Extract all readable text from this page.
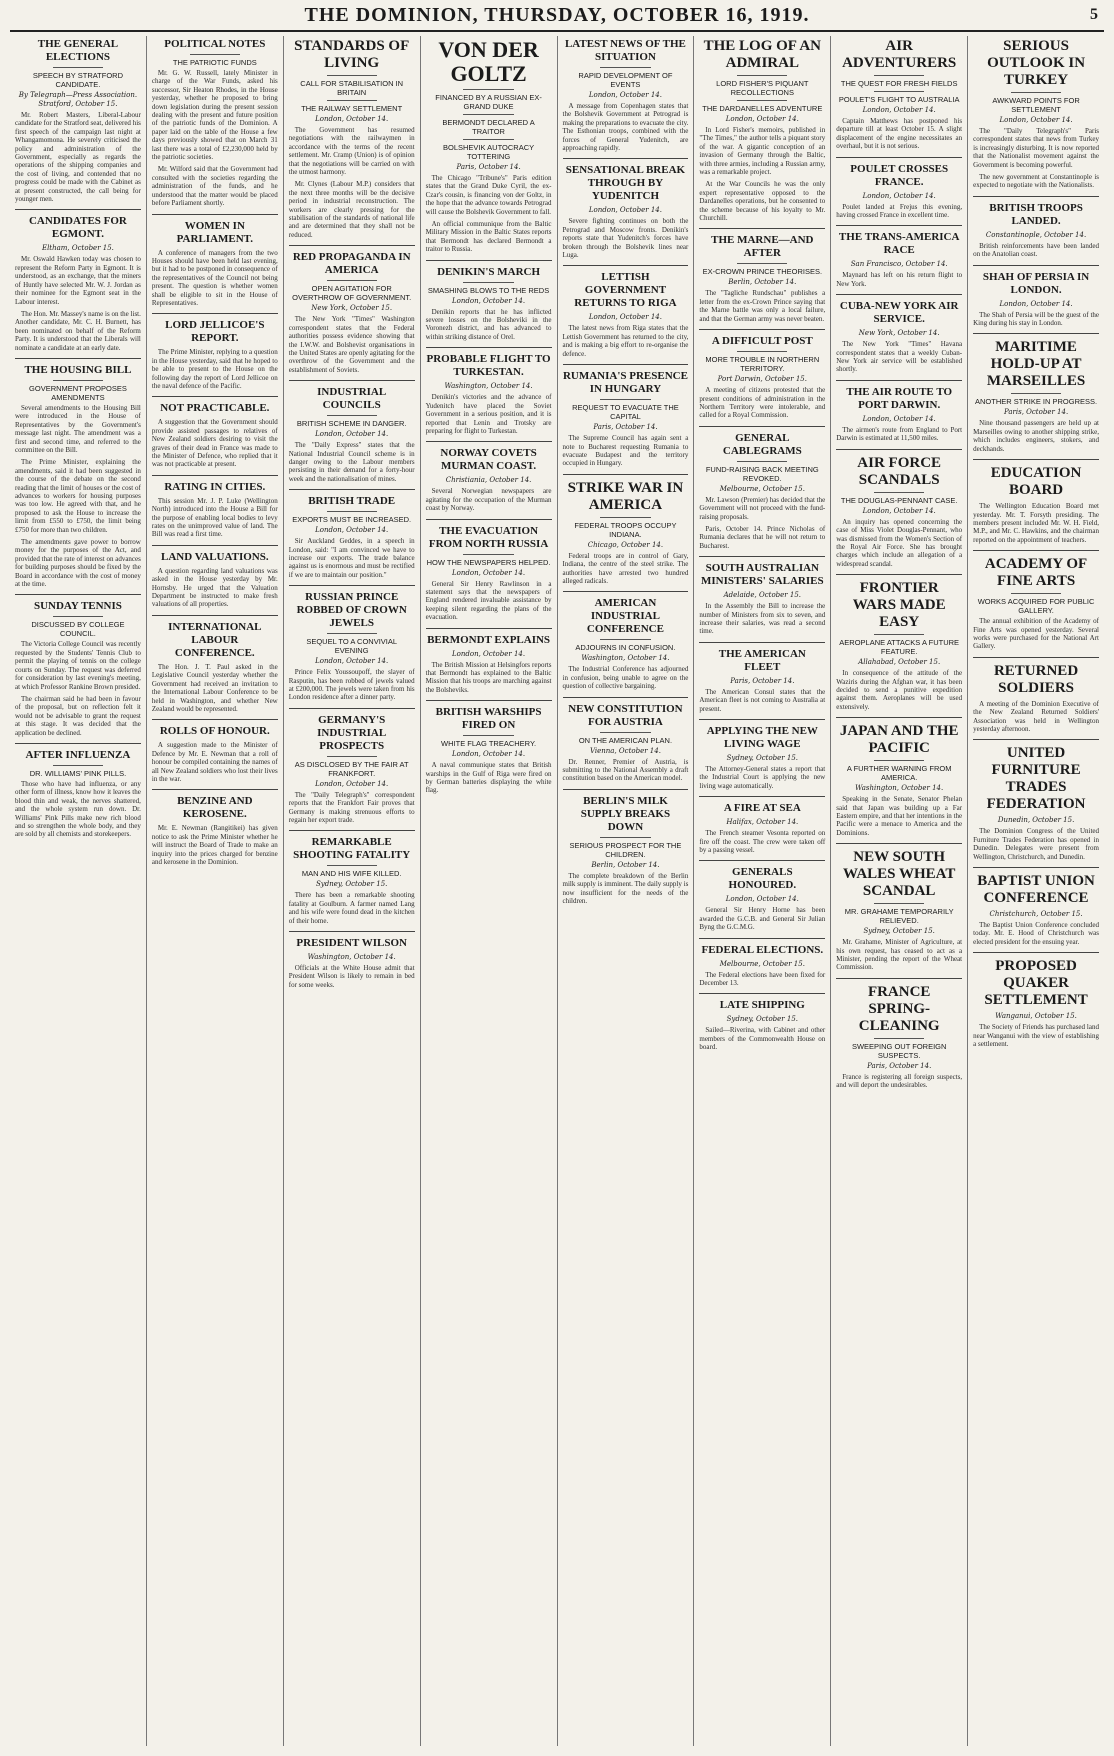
THE DOMINION, THURSDAY, OCTOBER 16, 1919.	5
THE GENERAL ELECTIONS
SPEECH BY STRATFORD CANDIDATE.
By Telegraph—Press Association. Stratford, October 15.

Mr. Robert Masters, Liberal-Labour candidate for the Stratford seat, delivered his first speech of the campaign last night at Whangamomona. He severely criticised the policy and administration of the Government, especially as regards the operations of the shipping companies and the cost of living, and contended that no progress could be made with the Cabinet as at present constructed, the call being for younger men.

CANDIDATES FOR EGMONT.
Eltham, October 15.

Mr. Oswald Hawken today was chosen to represent the Reform Party in Egmont. It is understood, as an exchange, that the miners of Huntly have selected Mr. W. J. Jordan as their nominee for the Egmont seat in the Labour interest.

The Hon. Mr. Massey's name is on the list. Another candidate, Mr. C. H. Burnett, has been nominated on behalf of the Reform Party. It is understood that the Liberals will nominate a candidate at an early date.

THE HOUSING BILL
GOVERNMENT PROPOSES AMENDMENTS

Several amendments to the Housing Bill were introduced in the House of Representatives by the Government's message last night. The amendment was a first and second time, and referred to the committee on the Bill.

The Prime Minister, explaining the amendments, said it had been suggested in the course of the debate on the second reading that the limit of houses or the cost of advances to workers for housing purposes was too low. He agreed with that, and he proposed to ask the House to increase the limit from £550 to £750, the limit being £750 for more than two children.

The amendments gave power to borrow money for the purposes of the Act, and provided that the rate of interest on advances for building purposes should be fixed by the Board in accordance with the cost of money at the time.

SUNDAY TENNIS
DISCUSSED BY COLLEGE COUNCIL.

The Victoria College Council was recently requested by the Students' Tennis Club to permit the playing of tennis on the college courts on Sunday. The request was deferred for consideration by last evening's meeting, at which Professor Rankine Brown presided.

The chairman said he had been in favour of the proposal, but on reflection felt it would not be advisable to grant the request at this stage. It was decided that the application be declined.

AFTER INFLUENZA
DR. WILLIAMS' PINK PILLS.

Those who have had influenza, or any other form of illness, know how it leaves the blood thin and weak, the nerves shattered, and the whole system run down. Dr. Williams' Pink Pills make new rich blood and so strengthen the whole body, and they are sold by all chemists and storekeepers.

POLITICAL NOTES
THE PATRIOTIC FUNDS

Mr. G. W. Russell, lately Minister in charge of the War Funds, asked his successor, Sir Heaton Rhodes, in the House yesterday, whether he proposed to bring down legislation during the present session dealing with the present and future position of the patriotic funds of the Dominion. A paper laid on the table of the House a few days previously showed that on March 31 last there was a total of £2,230,000 held by the patriotic societies.

Mr. Wilford said that the Government had consulted with the societies regarding the administration of the funds, and he understood that the matter would be placed before Parliament shortly.

WOMEN IN PARLIAMENT.

A conference of managers from the two Houses should have been held last evening, but it had to be postponed in consequence of the representatives of the Council not being present. The question is whether women shall be eligible to sit in the House of Representatives.

LORD JELLICOE'S REPORT.

The Prime Minister, replying to a question in the House yesterday, said that he hoped to be able to present to the House on the following day the report of Lord Jellicoe on the naval defence of the Pacific.

NOT PRACTICABLE.

A suggestion that the Government should provide assisted passages to relatives of New Zealand soldiers desiring to visit the graves of their dead in France was made to the Minister of Defence, who replied that it was not practicable at present.

RATING IN CITIES.

This session Mr. J. P. Luke (Wellington North) introduced into the House a Bill for the purpose of enabling local bodies to levy rates on the unimproved value of land. The Bill was read a first time.

LAND VALUATIONS.

A question regarding land valuations was asked in the House yesterday by Mr. Hornsby. He urged that the Valuation Department be instructed to make fresh valuations of all properties.

INTERNATIONAL LABOUR CONFERENCE.

The Hon. J. T. Paul asked in the Legislative Council yesterday whether the Government had received an invitation to the International Labour Conference to be held in Washington, and whether New Zealand would be represented.

ROLLS OF HONOUR.

A suggestion made to the Minister of Defence by Mr. E. Newman that a roll of honour be compiled containing the names of all New Zealand soldiers who lost their lives in the war.

BENZINE AND KEROSENE.

Mr. E. Newman (Rangitikei) has given notice to ask the Prime Minister whether he will instruct the Board of Trade to make an inquiry into the prices charged for benzine and kerosene in the Dominion.

STANDARDS OF LIVING
CALL FOR STABILISATION IN BRITAIN
THE RAILWAY SETTLEMENT
London, October 14.

The Government has resumed negotiations with the railwaymen in accordance with the terms of the recent settlement. Mr. Cramp (Union) is of opinion that the negotiations will be carried on with the utmost harmony.

Mr. Clynes (Labour M.P.) considers that the next three months will be the decisive period in industrial reconstruction. The workers are clearly pressing for the stabilisation of the standards of national life and are determined that they shall not be reduced.

RED PROPAGANDA IN AMERICA
OPEN AGITATION FOR OVERTHROW OF GOVERNMENT.
New York, October 15.

The New York "Times" Washington correspondent states that the Federal authorities possess evidence showing that the I.W.W. and Bolshevist organisations in the United States are openly agitating for the overthrow of the Government and the establishment of Soviets.

INDUSTRIAL COUNCILS
BRITISH SCHEME IN DANGER.
London, October 14.

The "Daily Express" states that the National Industrial Council scheme is in danger owing to the Labour members persisting in their demand for a forty-hour week and the nationalisation of mines.

BRITISH TRADE
EXPORTS MUST BE INCREASED.
London, October 14.

Sir Auckland Geddes, in a speech in London, said: "I am convinced we have to increase our exports. The trade balance against us is enormous and must be rectified if we are to maintain our position."

RUSSIAN PRINCE ROBBED OF CROWN JEWELS
SEQUEL TO A CONVIVIAL EVENING
London, October 14.

Prince Felix Youssoupoff, the slayer of Rasputin, has been robbed of jewels valued at £200,000. The jewels were taken from his London residence after a dinner party.

GERMANY'S INDUSTRIAL PROSPECTS
AS DISCLOSED BY THE FAIR AT FRANKFORT.
London, October 14.

The "Daily Telegraph's" correspondent reports that the Frankfort Fair proves that Germany is making strenuous efforts to regain her export trade.

REMARKABLE SHOOTING FATALITY
MAN AND HIS WIFE KILLED.
Sydney, October 15.

There has been a remarkable shooting fatality at Goulburn. A farmer named Lang and his wife were found dead in the kitchen of their home.

PRESIDENT WILSON
Washington, October 14.

Officials at the White House admit that President Wilson is likely to remain in bed for some weeks.

VON DER GOLTZ
FINANCED BY A RUSSIAN EX-GRAND DUKE
BERMONDT DECLARED A TRAITOR
BOLSHEVIK AUTOCRACY TOTTERING
Paris, October 14.

The Chicago "Tribune's" Paris edition states that the Grand Duke Cyril, the ex-Czar's cousin, is financing von der Goltz, in the hope that the advance towards Petrograd will cause the Bolshevik Government to fall.

An official communique from the Baltic Military Mission in the Baltic States reports that Bermondt has declared Bermondt a traitor to Russia.

DENIKIN'S MARCH
SMASHING BLOWS TO THE REDS
London, October 14.

Denikin reports that he has inflicted severe losses on the Bolsheviki in the Voronezh district, and has advanced to within striking distance of Orel.

PROBABLE FLIGHT TO TURKESTAN.
Washington, October 14.

Denikin's victories and the advance of Yudenitch have placed the Soviet Government in a serious position, and it is reported that Lenin and Trotsky are preparing for flight to Turkestan.

NORWAY COVETS MURMAN COAST.
Christiania, October 14.

Several Norwegian newspapers are agitating for the occupation of the Murman coast by Norway.

THE EVACUATION FROM NORTH RUSSIA
HOW THE NEWSPAPERS HELPED.
London, October 14.

General Sir Henry Rawlinson in a statement says that the newspapers of England rendered invaluable assistance by keeping silent regarding the plans of the evacuation.

BERMONDT EXPLAINS
London, October 14.

The British Mission at Helsingfors reports that Bermondt has explained to the Baltic Mission that his troops are marching against the Bolsheviks.

BRITISH WARSHIPS FIRED ON
WHITE FLAG TREACHERY.
London, October 14.

A naval communique states that British warships in the Gulf of Riga were fired on by German batteries displaying the white flag.

LATEST NEWS OF THE SITUATION
RAPID DEVELOPMENT OF EVENTS
London, October 14.

A message from Copenhagen states that the Bolshevik Government at Petrograd is making the preparations to evacuate the city. The Esthonian troops, combined with the forces of General Yudenitch, are approaching rapidly.

SENSATIONAL BREAK THROUGH BY YUDENITCH
London, October 14.

Severe fighting continues on both the Petrograd and Moscow fronts. Denikin's reports state that Yudenitch's forces have broken through the Bolshevik lines near Luga.

LETTISH GOVERNMENT RETURNS TO RIGA
London, October 14.

The latest news from Riga states that the Lettish Government has returned to the city, and is making a big effort to re-organise the defence.

RUMANIA'S PRESENCE IN HUNGARY
REQUEST TO EVACUATE THE CAPITAL
Paris, October 14.

The Supreme Council has again sent a note to Bucharest requesting Rumania to evacuate Budapest and the territory occupied in Hungary.

STRIKE WAR IN AMERICA
FEDERAL TROOPS OCCUPY INDIANA.
Chicago, October 14.

Federal troops are in control of Gary, Indiana, the centre of the steel strike. The authorities have arrested two hundred alleged radicals.

AMERICAN INDUSTRIAL CONFERENCE
ADJOURNS IN CONFUSION.
Washington, October 14.

The Industrial Conference has adjourned in confusion, being unable to agree on the question of collective bargaining.

NEW CONSTITUTION FOR AUSTRIA
ON THE AMERICAN PLAN.
Vienna, October 14.

Dr. Renner, Premier of Austria, is submitting to the National Assembly a draft constitution based on the American model.

BERLIN'S MILK SUPPLY BREAKS DOWN
SERIOUS PROSPECT FOR THE CHILDREN.
Berlin, October 14.

The complete breakdown of the Berlin milk supply is imminent. The daily supply is now insufficient for the needs of the children.

THE LOG OF AN ADMIRAL
LORD FISHER'S PIQUANT RECOLLECTIONS
THE DARDANELLES ADVENTURE
London, October 14.

In Lord Fisher's memoirs, published in "The Times," the author tells a piquant story of the war. A gigantic conception of an invasion of Germany through the Baltic, with three armies, including a Russian army, was a remarkable project.

At the War Councils he was the only expert representative opposed to the Dardanelles operations, but he consented to the scheme because of his loyalty to Mr. Churchill.

THE MARNE—AND AFTER
EX-CROWN PRINCE THEORISES.
Berlin, October 14.

The "Tagliche Rundschau" publishes a letter from the ex-Crown Prince saying that the Marne battle was only a local failure, and that the German army was never beaten.

A DIFFICULT POST
MORE TROUBLE IN NORTHERN TERRITORY.
Port Darwin, October 15.

A meeting of citizens protested that the present conditions of administration in the Northern Territory were intolerable, and called for a Royal Commission.

GENERAL CABLEGRAMS
FUND-RAISING BACK MEETING REVOKED.
Melbourne, October 15.

Mr. Lawson (Premier) has decided that the Government will not proceed with the fund-raising proposals.

Paris, October 14. Prince Nicholas of Rumania declares that he will not return to Bucharest.

SOUTH AUSTRALIAN MINISTERS' SALARIES
Adelaide, October 15.

In the Assembly the Bill to increase the number of Ministers from six to seven, and increase their salaries, was read a second time.

THE AMERICAN FLEET
Paris, October 14.

The American Consul states that the American fleet is not coming to Australia at present.

APPLYING THE NEW LIVING WAGE
Sydney, October 15.

The Attorney-General states a report that the Industrial Court is applying the new living wage automatically.

A FIRE AT SEA
Halifax, October 14.

The French steamer Vesonta reported on fire off the coast. The crew were taken off by a passing vessel.

GENERALS HONOURED.
London, October 14.

General Sir Henry Horne has been awarded the G.C.B. and General Sir Julian Byng the G.C.M.G.

FEDERAL ELECTIONS.
Melbourne, October 15.

The Federal elections have been fixed for December 13.

LATE SHIPPING
Sydney, October 15.

Sailed—Riverina, with Cabinet and other members of the Commonwealth House on board.

AIR ADVENTURERS
THE QUEST FOR FRESH FIELDS
POULET'S FLIGHT TO AUSTRALIA
London, October 14.

Captain Matthews has postponed his departure till at least October 15. A slight displacement of the engine necessitates an overhaul, but it is not serious.

POULET CROSSES FRANCE.
London, October 14.

Poulet landed at Frejus this evening, having crossed France in excellent time.

THE TRANS-AMERICA RACE
San Francisco, October 14.

Maynard has left on his return flight to New York.

CUBA-NEW YORK AIR SERVICE.
New York, October 14.

The New York "Times" Havana correspondent states that a weekly Cuban-New York air service will be established shortly.

THE AIR ROUTE TO PORT DARWIN.
London, October 14.

The airmen's route from England to Port Darwin is estimated at 11,500 miles.

AIR FORCE SCANDALS
THE DOUGLAS-PENNANT CASE.
London, October 14.

An inquiry has opened concerning the case of Miss Violet Douglas-Pennant, who was dismissed from the Women's Section of the Royal Air Force. She has brought charges which include an allegation of a widespread scandal.

FRONTIER WARS MADE EASY
AEROPLANE ATTACKS A FUTURE FEATURE.
Allahabad, October 15.

In consequence of the attitude of the Waziris during the Afghan war, it has been decided to send a punitive expedition against them. Aeroplanes will be used extensively.

JAPAN AND THE PACIFIC
A FURTHER WARNING FROM AMERICA.
Washington, October 14.

Speaking in the Senate, Senator Phelan said that Japan was building up a Far Eastern empire, and that her intentions in the Pacific were a menace to America and the Dominions.

NEW SOUTH WALES WHEAT SCANDAL
MR. GRAHAME TEMPORARILY RELIEVED.
Sydney, October 15.

Mr. Grahame, Minister of Agriculture, at his own request, has ceased to act as a Minister, pending the report of the Wheat Commission.

FRANCE SPRING-CLEANING
SWEEPING OUT FOREIGN SUSPECTS.
Paris, October 14.

France is registering all foreign suspects, and will deport the undesirables.

SERIOUS OUTLOOK IN TURKEY
AWKWARD POINTS FOR SETTLEMENT
London, October 14.

The "Daily Telegraph's" Paris correspondent states that news from Turkey is increasingly disturbing. It is now reported that the Nationalist movement against the Government is becoming powerful.

The new government at Constantinople is expected to negotiate with the Nationalists.

BRITISH TROOPS LANDED.
Constantinople, October 14.

British reinforcements have been landed on the Anatolian coast.

SHAH OF PERSIA IN LONDON.
London, October 14.

The Shah of Persia will be the guest of the King during his stay in London.

MARITIME HOLD-UP AT MARSEILLES
ANOTHER STRIKE IN PROGRESS.
Paris, October 14.

Nine thousand passengers are held up at Marseilles owing to another shipping strike, which includes engineers, stokers, and deckhands.

EDUCATION BOARD

The Wellington Education Board met yesterday. Mr. T. Forsyth presiding. The members present included Mr. W. H. Field, M.P., and Mr. C. Hawkins, and the chairman reported on the appointment of teachers.

ACADEMY OF FINE ARTS
WORKS ACQUIRED FOR PUBLIC GALLERY.

The annual exhibition of the Academy of Fine Arts was opened yesterday. Several works were purchased for the National Art Gallery.

RETURNED SOLDIERS

A meeting of the Dominion Executive of the New Zealand Returned Soldiers' Association was held in Wellington yesterday afternoon.

UNITED FURNITURE TRADES FEDERATION
Dunedin, October 15.

The Dominion Congress of the United Furniture Trades Federation has opened in Dunedin. Delegates were present from Wellington, Christchurch, and Dunedin.

BAPTIST UNION CONFERENCE
Christchurch, October 15.

The Baptist Union Conference concluded today. Mr. E. Hood of Christchurch was elected president for the ensuing year.

PROPOSED QUAKER SETTLEMENT
Wanganui, October 15.

The Society of Friends has purchased land near Wanganui with the view of establishing a settlement.
